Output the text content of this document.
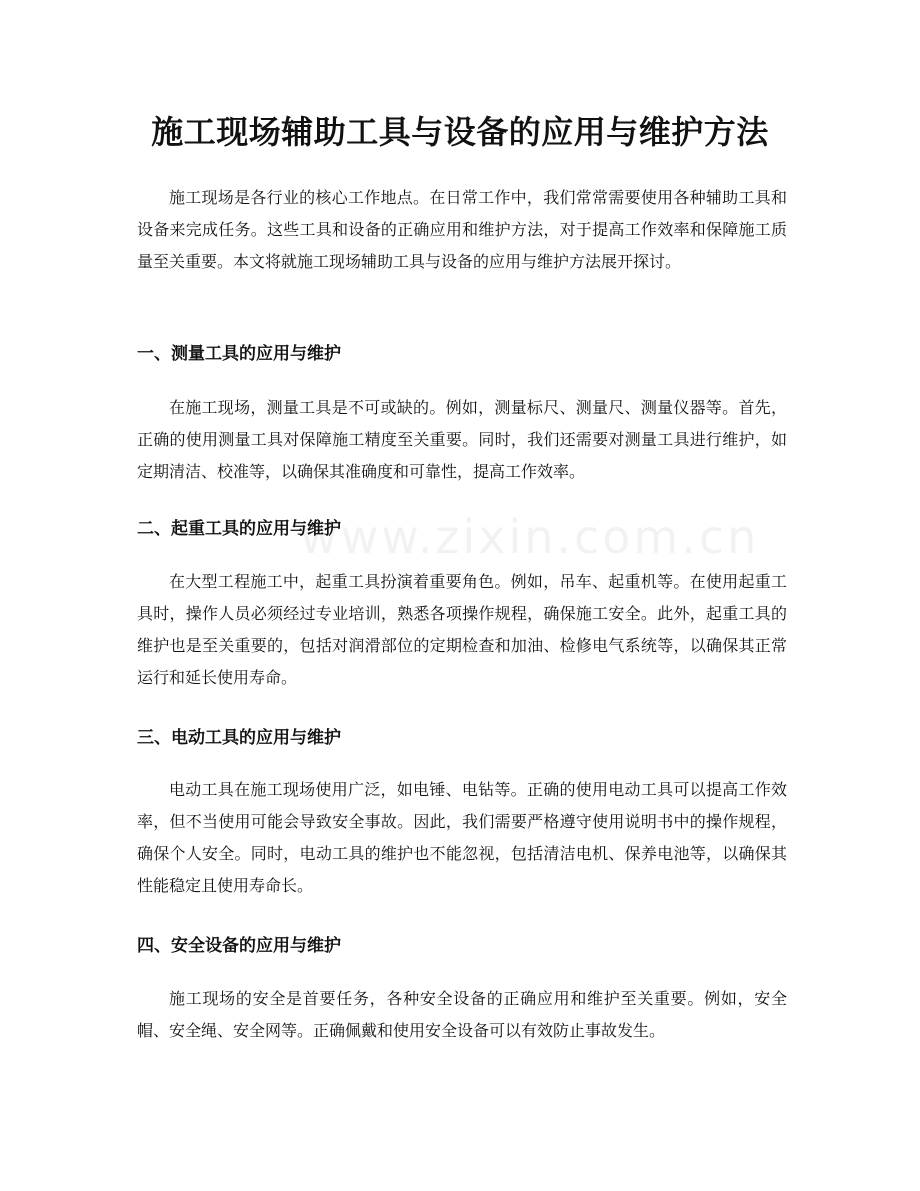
施工现场辅助工具与设备的应用与维护方法

施工现场是各行业的核心工作地点。在日常工作中，我们常常需要使用各种辅助工具和设备来完成任务。这些工具和设备的正确应用和维护方法，对于提高工作效率和保障施工质量至关重要。本文将就施工现场辅助工具与设备的应用与维护方法展开探讨。

一、测量工具的应用与维护

在施工现场，测量工具是不可或缺的。例如，测量标尺、测量尺、测量仪器等。首先，正确的使用测量工具对保障施工精度至关重要。同时，我们还需要对测量工具进行维护，如定期清洁、校准等，以确保其准确度和可靠性，提高工作效率。

二、起重工具的应用与维护

在大型工程施工中，起重工具扮演着重要角色。例如，吊车、起重机等。在使用起重工具时，操作人员必须经过专业培训，熟悉各项操作规程，确保施工安全。此外，起重工具的维护也是至关重要的，包括对润滑部位的定期检查和加油、检修电气系统等，以确保其正常运行和延长使用寿命。

三、电动工具的应用与维护

电动工具在施工现场使用广泛，如电锤、电钻等。正确的使用电动工具可以提高工作效率，但不当使用可能会导致安全事故。因此，我们需要严格遵守使用说明书中的操作规程，确保个人安全。同时，电动工具的维护也不能忽视，包括清洁电机、保养电池等，以确保其性能稳定且使用寿命长。

四、安全设备的应用与维护

施工现场的安全是首要任务，各种安全设备的正确应用和维护至关重要。例如，安全帽、安全绳、安全网等。正确佩戴和使用安全设备可以有效防止事故发生。

www.zixin.com.cn
